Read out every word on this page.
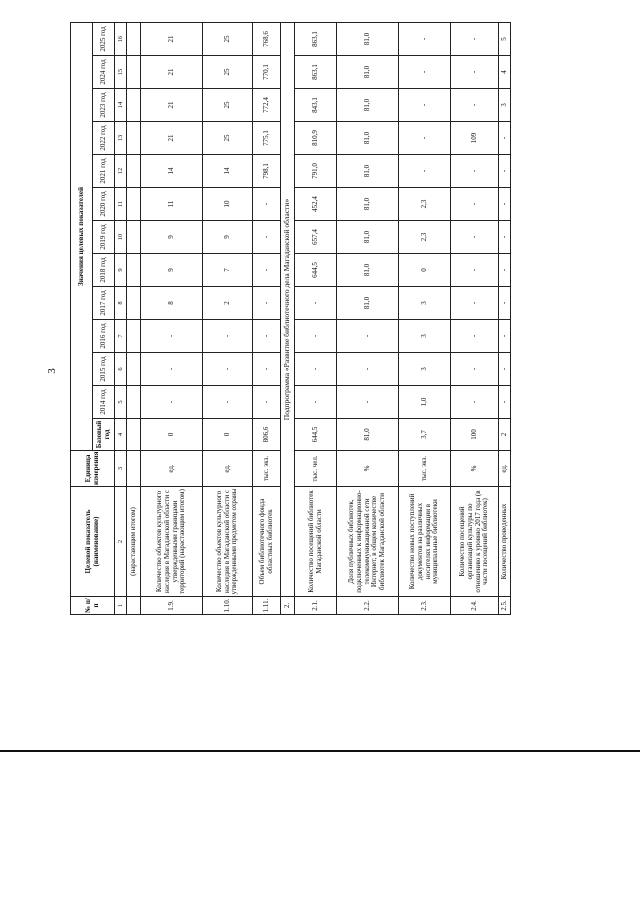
3
№ п/п	Целевой показатель (наименование)	Единица измерения	Значения целевых показателей												
			Базовый год	2014 год	2015 год	2016 год	2017 год	2018 год	2019 год	2020 год	2021 год	2022 год	2023 год	2024 год	2025 год
1	2	3	4	5	6	7	8	9	10	11	12	13	14	15	16
	(нарастающим итогом)														
1.9.	Количество объектов культурного наследия в Магаданской области с утвержденными границами территорий (нарастающим итогом)	ед.	0	-	-	-	8	9	9	11	14	21	21	21	21
1.10.	Количество объектов культурного наследия в Магаданской области с утвержденными предметом охраны	ед.	0	-	-	-	2	7	9	10	14	25	25	25	25
1.11.	Объем библиотечного фонда областных библиотек	тыс. экз.	806,6	-	-	-	-	-	-	-	798,1	775,1	772,4	770,1	768,6
2.	Подпрограмма «Развитие библиотечного дела Магаданской области»														
2.1.	Количество посещений библиотек Магаданской области	тыс. чел.	644,5	-	-	-	-	644,5	657,4	452,4	791,0	810,9	843,1	863,1	863,1
2.2.	Доля публичных библиотек, подключенных к информационно-телекоммуникационной сети Интернет, в общем количестве библиотек Магаданской области	%	81,0	-	-	-	81,0	81,0	81,0	81,0	81,0	81,0	81,0	81,0	81,0
2.3.	Количество новых поступлений документов на различных носителях информации в муниципальные библиотеки	тыс. экз.	3,7	1,0	3	3	3	0	2,3	2,3	-	-	-	-	-
2.4.	Количество посещений организаций культуры по отношению к уровню 2017 года (в части посещений библиотек)	%	100	-	-	-	-	-	-	-	-	109	-	-	-
2.5.	Количество проведенных	ед.	2	-	-	-	-	-	-	-	-	-	3	4	5
